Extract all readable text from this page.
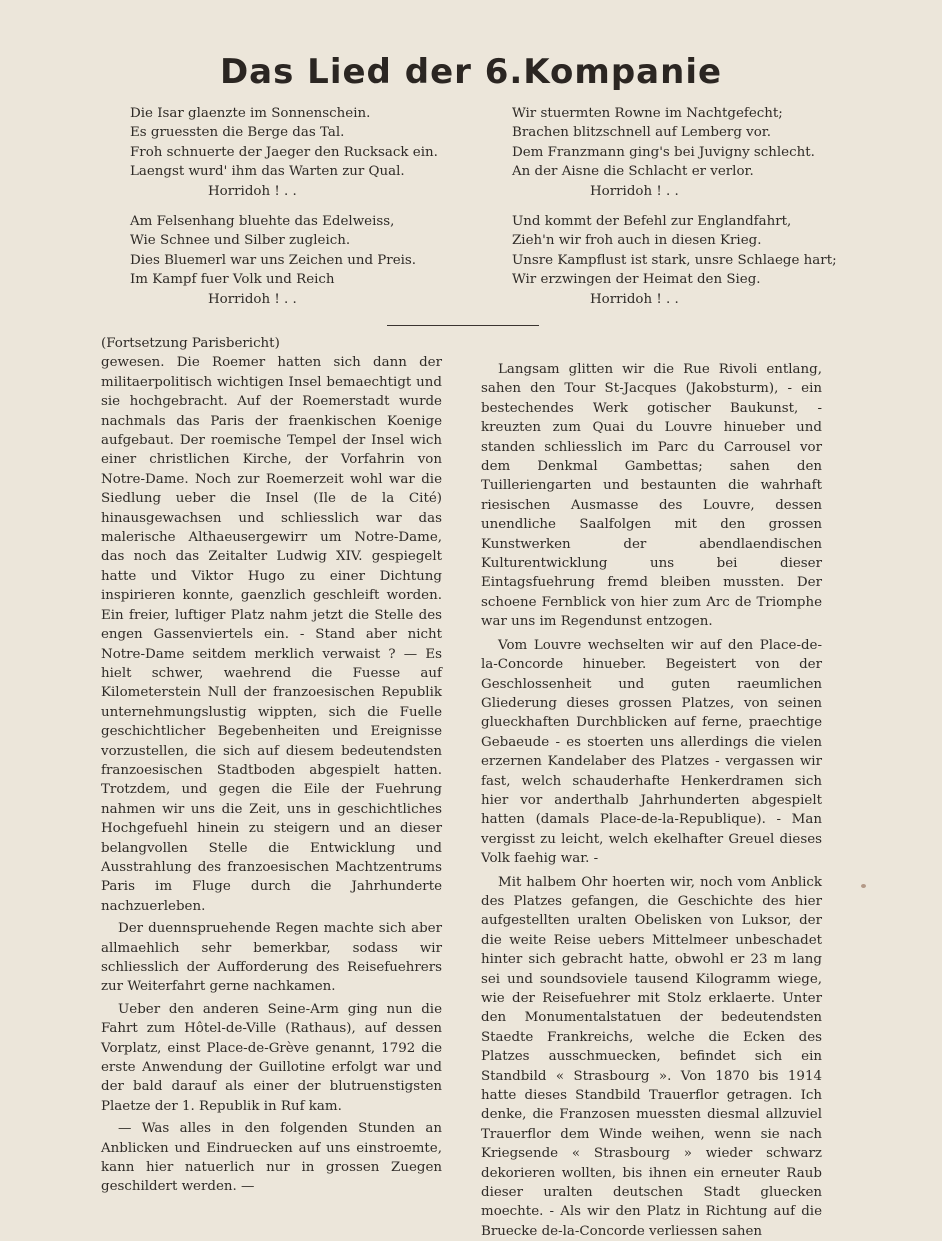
Das Lied der 6.Kompanie
Die Isar glaenzte im Sonnenschein.
Es gruessten die Berge das Tal.
Froh schnuerte der Jaeger den Rucksack ein.
Laengst wurd' ihm das Warten zur Qual.
Horridoh ! . .
Am Felsenhang bluehte das Edelweiss,
Wie Schnee und Silber zugleich.
Dies Bluemerl war uns Zeichen und Preis.
Im Kampf fuer Volk und Reich
Horridoh ! . .
Wir stuermten Rowne im Nachtgefecht;
Brachen blitzschnell auf Lemberg vor.
Dem Franzmann ging's bei Juvigny schlecht.
An der Aisne die Schlacht er verlor.
Horridoh ! . .
Und kommt der Befehl zur Englandfahrt,
Zieh'n wir froh auch in diesen Krieg.
Unsre Kampflust ist stark, unsre Schlaege hart;
Wir erzwingen der Heimat den Sieg.
Horridoh ! . .

(Fortsetzung Parisbericht)

gewesen. Die Roemer hatten sich dann der militaerpolitisch wichtigen Insel bemaechtigt und sie hochgebracht. Auf der Roemerstadt wurde nachmals das Paris der fraenkischen Koenige aufgebaut. Der roemische Tempel der Insel wich einer christlichen Kirche, der Vorfahrin von Notre-Dame. Noch zur Roemerzeit wohl war die Siedlung ueber die Insel (Ile de la Cité) hinausgewachsen und schliesslich war das malerische Althaeusergewirr um Notre-Dame, das noch das Zeitalter Ludwig XIV. gespiegelt hatte und Viktor Hugo zu einer Dichtung inspirieren konnte, gaenzlich geschleift worden. Ein freier, luftiger Platz nahm jetzt die Stelle des engen Gassenviertels ein. - Stand aber nicht Notre-Dame seitdem merklich verwaist ? — Es hielt schwer, waehrend die Fuesse auf Kilometerstein Null der franzoesischen Republik unternehmungslustig wippten, sich die Fuelle geschichtlicher Begebenheiten und Ereignisse vorzustellen, die sich auf diesem bedeutendsten franzoesischen Stadtboden abgespielt hatten. Trotzdem, und gegen die Eile der Fuehrung nahmen wir uns die Zeit, uns in geschichtliches Hochgefuehl hinein zu steigern und an dieser belangvollen Stelle die Entwicklung und Ausstrahlung des franzoesischen Machtzentrums Paris im Fluge durch die Jahrhunderte nachzuerleben.

Der duennspruehende Regen machte sich aber allmaehlich sehr bemerkbar, sodass wir schliesslich der Aufforderung des Reisefuehrers zur Weiterfahrt gerne nachkamen.

Ueber den anderen Seine-Arm ging nun die Fahrt zum Hôtel-de-Ville (Rathaus), auf dessen Vorplatz, einst Place-de-Grève genannt, 1792 die erste Anwendung der Guillotine erfolgt war und der bald darauf als einer der blutruenstigsten Plaetze der 1. Republik in Ruf kam.

— Was alles in den folgenden Stunden an Anblicken und Eindruecken auf uns einstroemte, kann hier natuerlich nur in grossen Zuegen geschildert werden. —

Langsam glitten wir die Rue Rivoli entlang, sahen den Tour St-Jacques (Jakobsturm), - ein bestechendes Werk gotischer Baukunst, - kreuzten zum Quai du Louvre hinueber und standen schliesslich im Parc du Carrousel vor dem Denkmal Gambettas; sahen den Tuilleriengarten und bestaunten die wahrhaft riesischen Ausmasse des Louvre, dessen unendliche Saalfolgen mit den grossen Kunstwerken der abendlaendischen Kulturentwicklung uns bei dieser Eintagsfuehrung fremd bleiben mussten. Der schoene Fernblick von hier zum Arc de Triomphe war uns im Regendunst entzogen.

Vom Louvre wechselten wir auf den Place-de-la-Concorde hinueber. Begeistert von der Geschlossenheit und guten raeumlichen Gliederung dieses grossen Platzes, von seinen glueckhaften Durchblicken auf ferne, praechtige Gebaeude - es stoerten uns allerdings die vielen erzernen Kandelaber des Platzes - vergassen wir fast, welch schauderhafte Henkerdramen sich hier vor anderthalb Jahrhunderten abgespielt hatten (damals Place-de-la-Republique). - Man vergisst zu leicht, welch ekelhafter Greuel dieses Volk faehig war. -

Mit halbem Ohr hoerten wir, noch vom Anblick des Platzes gefangen, die Geschichte des hier aufgestellten uralten Obelisken von Luksor, der die weite Reise uebers Mittelmeer unbeschadet hinter sich gebracht hatte, obwohl er 23 m lang sei und soundsoviele tausend Kilogramm wiege, wie der Reisefuehrer mit Stolz erklaerte. Unter den Monumentalstatuen der bedeutendsten Staedte Frankreichs, welche die Ecken des Platzes ausschmuecken, befindet sich ein Standbild « Strasbourg ». Von 1870 bis 1914 hatte dieses Standbild Trauerflor getragen. Ich denke, die Franzosen muessten diesmal allzuviel Trauerflor dem Winde weihen, wenn sie nach Kriegsende « Strasbourg » wieder schwarz dekorieren wollten, bis ihnen ein erneuter Raub dieser uralten deutschen Stadt gluecken moechte. - Als wir den Platz in Richtung auf die Bruecke de-la-Concorde verliessen sahen
